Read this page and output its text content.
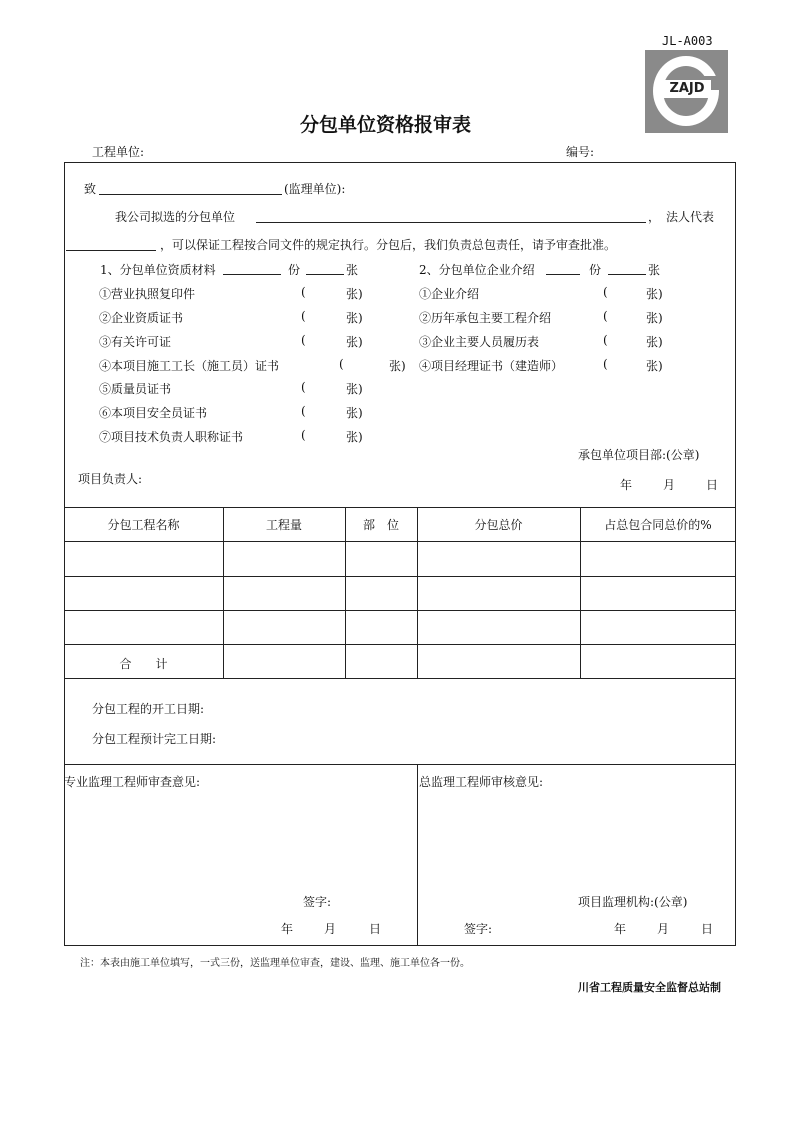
JL-A003
ZAJD
分包单位资格报审表
工程单位:	编号:
致	(监理单位):
我公司拟选的分包单位	，　法人代表
，可以保证工程按合同文件的规定执行。分包后，我们负责总包责任，请予审查批准。
1、分包单位资质材料	份	张	2、分包单位企业介绍	份	张
①营业执照复印件	(	张)
②企业资质证书	(	张)
③有关许可证	(	张)
④本项目施工工长（施工员）证书	(	张)
⑤质量员证书	(	张)
⑥本项目安全员证书	(	张)
⑦项目技术负责人职称证书	(	张)
①企业介绍	(	张)
②历年承包主要工程介绍	(	张)
③企业主要人员履历表	(	张)
④项目经理证书（建造师）	(	张)
承包单位项目部:(公章)
项目负责人:	年	月	日
分包工程名称	工程量	部　位	分包总价	占总包合同总价的%
合　　计
分包工程的开工日期:
分包工程预计完工日期:
专业监理工程师审查意见:
签字:
年	月	日
总监理工程师审核意见:
项目监理机构:(公章)
签字:	年	月	日
注：本表由施工单位填写，一式三份，送监理单位审查，建设、监理、施工单位各一份。
川省工程质量安全监督总站制
